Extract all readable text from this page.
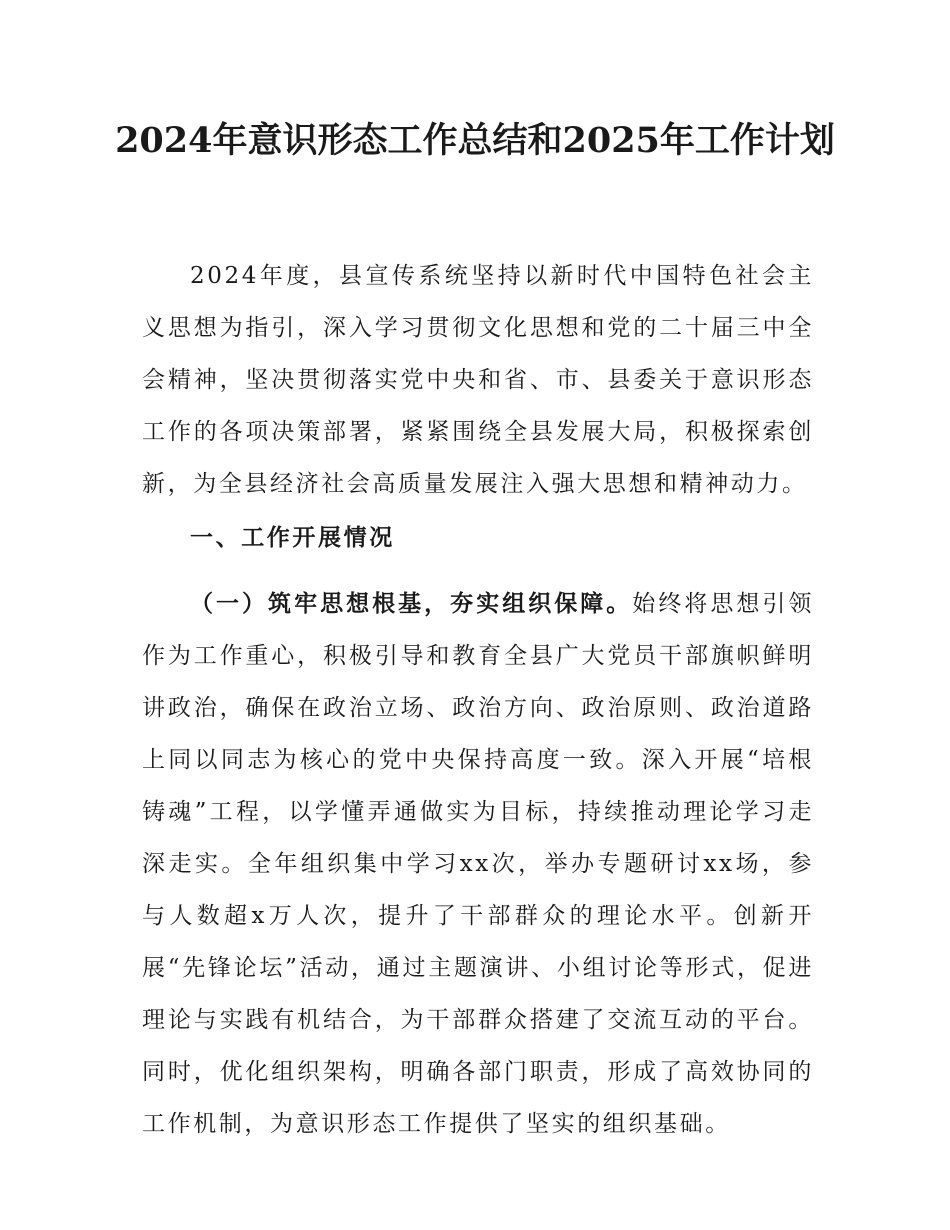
2024年意识形态工作总结和2025年工作计划

2024年度，县宣传系统坚持以新时代中国特色社会主义思想为指引，深入学习贯彻文化思想和党的二十届三中全会精神，坚决贯彻落实党中央和省、市、县委关于意识形态工作的各项决策部署，紧紧围绕全县发展大局，积极探索创新，为全县经济社会高质量发展注入强大思想和精神动力。

一、工作开展情况

（一）筑牢思想根基，夯实组织保障。始终将思想引领作为工作重心，积极引导和教育全县广大党员干部旗帜鲜明讲政治，确保在政治立场、政治方向、政治原则、政治道路上同以同志为核心的党中央保持高度一致。深入开展“培根铸魂”工程，以学懂弄通做实为目标，持续推动理论学习走深走实。全年组织集中学习xx次，举办专题研讨xx场，参与人数超x万人次，提升了干部群众的理论水平。创新开展“先锋论坛”活动，通过主题演讲、小组讨论等形式，促进理论与实践有机结合，为干部群众搭建了交流互动的平台。同时，优化组织架构，明确各部门职责，形成了高效协同的工作机制，为意识形态工作提供了坚实的组织基础。
